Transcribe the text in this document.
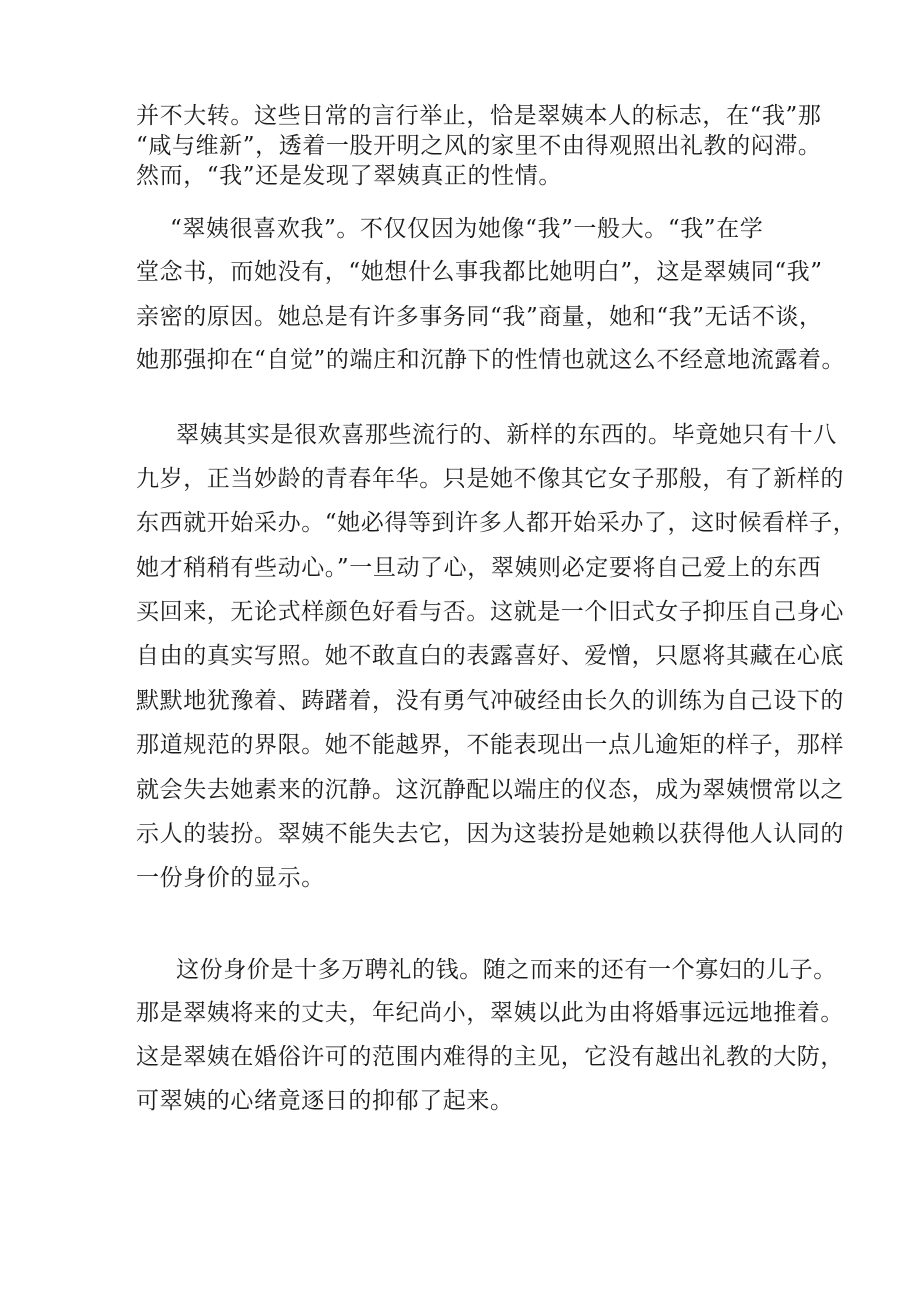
并不大转。这些日常的言行举止，恰是翠姨本人的标志，在“我”那
“咸与维新”，透着一股开明之风的家里不由得观照出礼教的闷滞。
然而，“我”还是发现了翠姨真正的性情。
“翠姨很喜欢我”。不仅仅因为她像“我”一般大。“我”在学
堂念书，而她没有，“她想什么事我都比她明白”，这是翠姨同“我”
亲密的原因。她总是有许多事务同“我”商量，她和“我”无话不谈，
她那强抑在“自觉”的端庄和沉静下的性情也就这么不经意地流露着。
翠姨其实是很欢喜那些流行的、新样的东西的。毕竟她只有十八
九岁，正当妙龄的青春年华。只是她不像其它女子那般，有了新样的
东西就开始采办。“她必得等到许多人都开始采办了，这时候看样子，
她才稍稍有些动心。”一旦动了心，翠姨则必定要将自己爱上的东西
买回来，无论式样颜色好看与否。这就是一个旧式女子抑压自己身心
自由的真实写照。她不敢直白的表露喜好、爱憎，只愿将其藏在心底
默默地犹豫着、踌躇着，没有勇气冲破经由长久的训练为自己设下的
那道规范的界限。她不能越界，不能表现出一点儿逾矩的样子，那样
就会失去她素来的沉静。这沉静配以端庄的仪态，成为翠姨惯常以之
示人的装扮。翠姨不能失去它，因为这装扮是她赖以获得他人认同的
一份身价的显示。
这份身价是十多万聘礼的钱。随之而来的还有一个寡妇的儿子。
那是翠姨将来的丈夫，年纪尚小，翠姨以此为由将婚事远远地推着。
这是翠姨在婚俗许可的范围内难得的主见，它没有越出礼教的大防，
可翠姨的心绪竟逐日的抑郁了起来。
